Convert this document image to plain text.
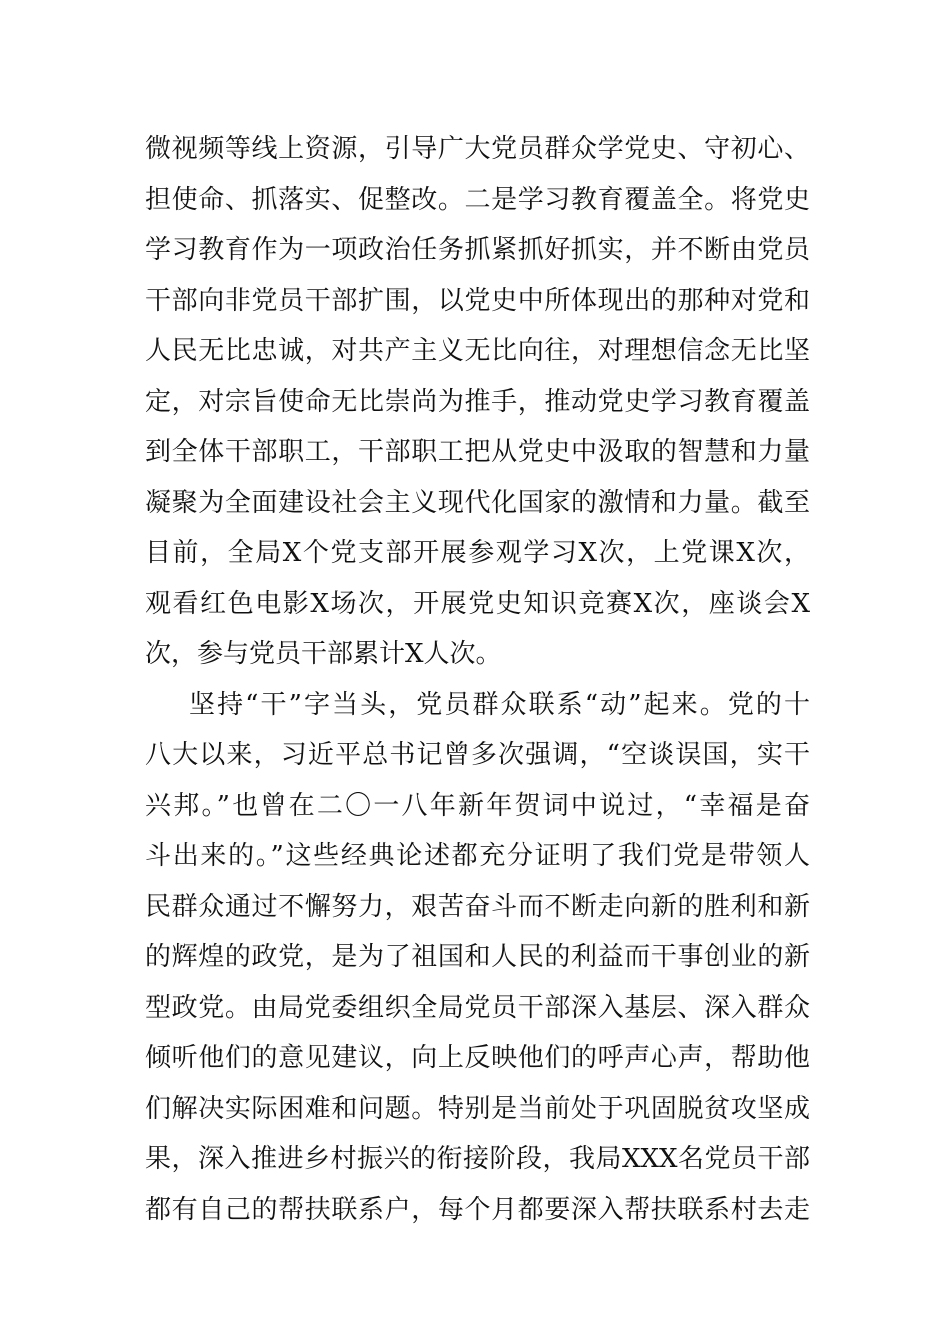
微视频等线上资源，引导广大党员群众学党史、守初心、
担使命、抓落实、促整改。二是学习教育覆盖全。将党史
学习教育作为一项政治任务抓紧抓好抓实，并不断由党员
干部向非党员干部扩围，以党史中所体现出的那种对党和
人民无比忠诚，对共产主义无比向往，对理想信念无比坚
定，对宗旨使命无比崇尚为推手，推动党史学习教育覆盖
到全体干部职工，干部职工把从党史中汲取的智慧和力量
凝聚为全面建设社会主义现代化国家的激情和力量。截至
目前，全局X个党支部开展参观学习X次，上党课X次，
观看红色电影X场次，开展党史知识竞赛X次，座谈会X
次，参与党员干部累计X人次。
坚持“干”字当头，党员群众联系“动”起来。党的十
八大以来，习近平总书记曾多次强调，“空谈误国，实干
兴邦。”也曾在二〇一八年新年贺词中说过，“幸福是奋
斗出来的。”这些经典论述都充分证明了我们党是带领人
民群众通过不懈努力，艰苦奋斗而不断走向新的胜利和新
的辉煌的政党，是为了祖国和人民的利益而干事创业的新
型政党。由局党委组织全局党员干部深入基层、深入群众
倾听他们的意见建议，向上反映他们的呼声心声，帮助他
们解决实际困难和问题。特别是当前处于巩固脱贫攻坚成
果，深入推进乡村振兴的衔接阶段，我局XXX名党员干部
都有自己的帮扶联系户，每个月都要深入帮扶联系村去走
